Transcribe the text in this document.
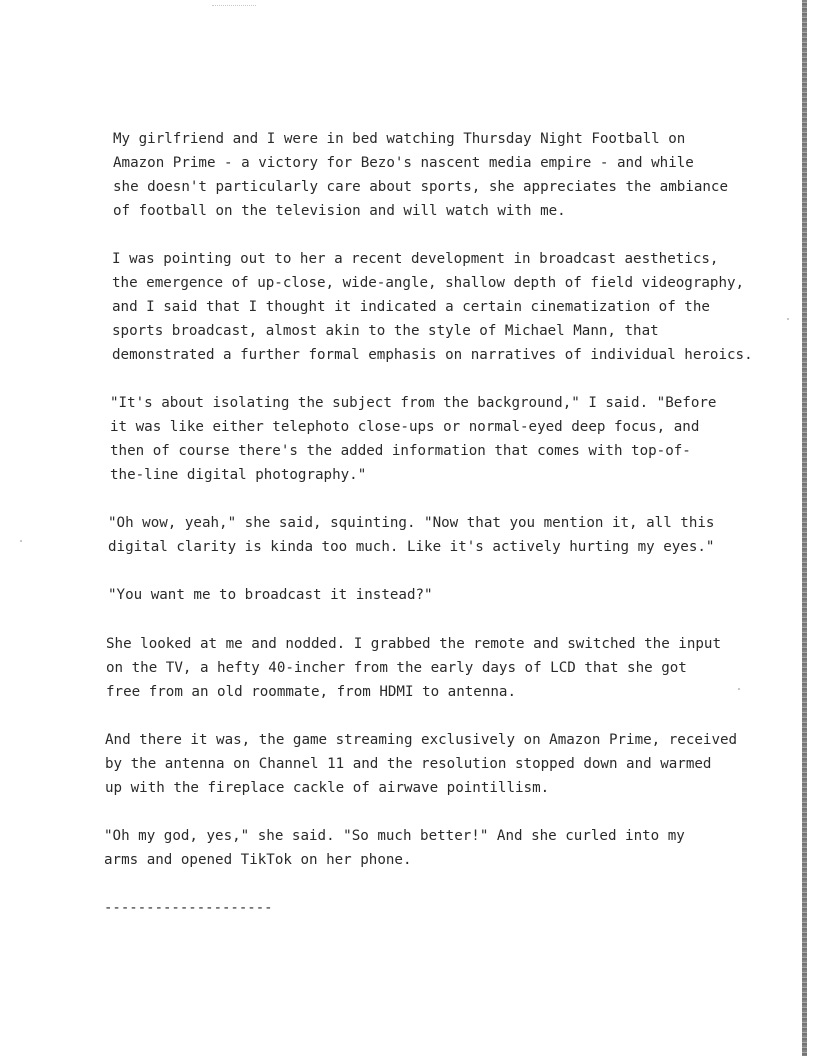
My girlfriend and I were in bed watching Thursday Night Football on
Amazon Prime - a victory for Bezo's nascent media empire - and while
she doesn't particularly care about sports, she appreciates the ambiance
of football on the television and will watch with me.
I was pointing out to her a recent development in broadcast aesthetics,
the emergence of up-close, wide-angle, shallow depth of field videography,
and I said that I thought it indicated a certain cinematization of the
sports broadcast, almost akin to the style of Michael Mann, that
demonstrated a further formal emphasis on narratives of individual heroics.
"It's about isolating the subject from the background," I said. "Before
it was like either telephoto close-ups or normal-eyed deep focus, and
then of course there's the added information that comes with top-of-
the-line digital photography."
"Oh wow, yeah," she said, squinting. "Now that you mention it, all this
digital clarity is kinda too much. Like it's actively hurting my eyes."
"You want me to broadcast it instead?"
She looked at me and nodded. I grabbed the remote and switched the input
on the TV, a hefty 40-incher from the early days of LCD that she got
free from an old roommate, from HDMI to antenna.
And there it was, the game streaming exclusively on Amazon Prime, received
by the antenna on Channel 11 and the resolution stopped down and warmed
up with the fireplace cackle of airwave pointillism.
"Oh my god, yes," she said. "So much better!" And she curled into my
arms and opened TikTok on her phone.
--------------------
